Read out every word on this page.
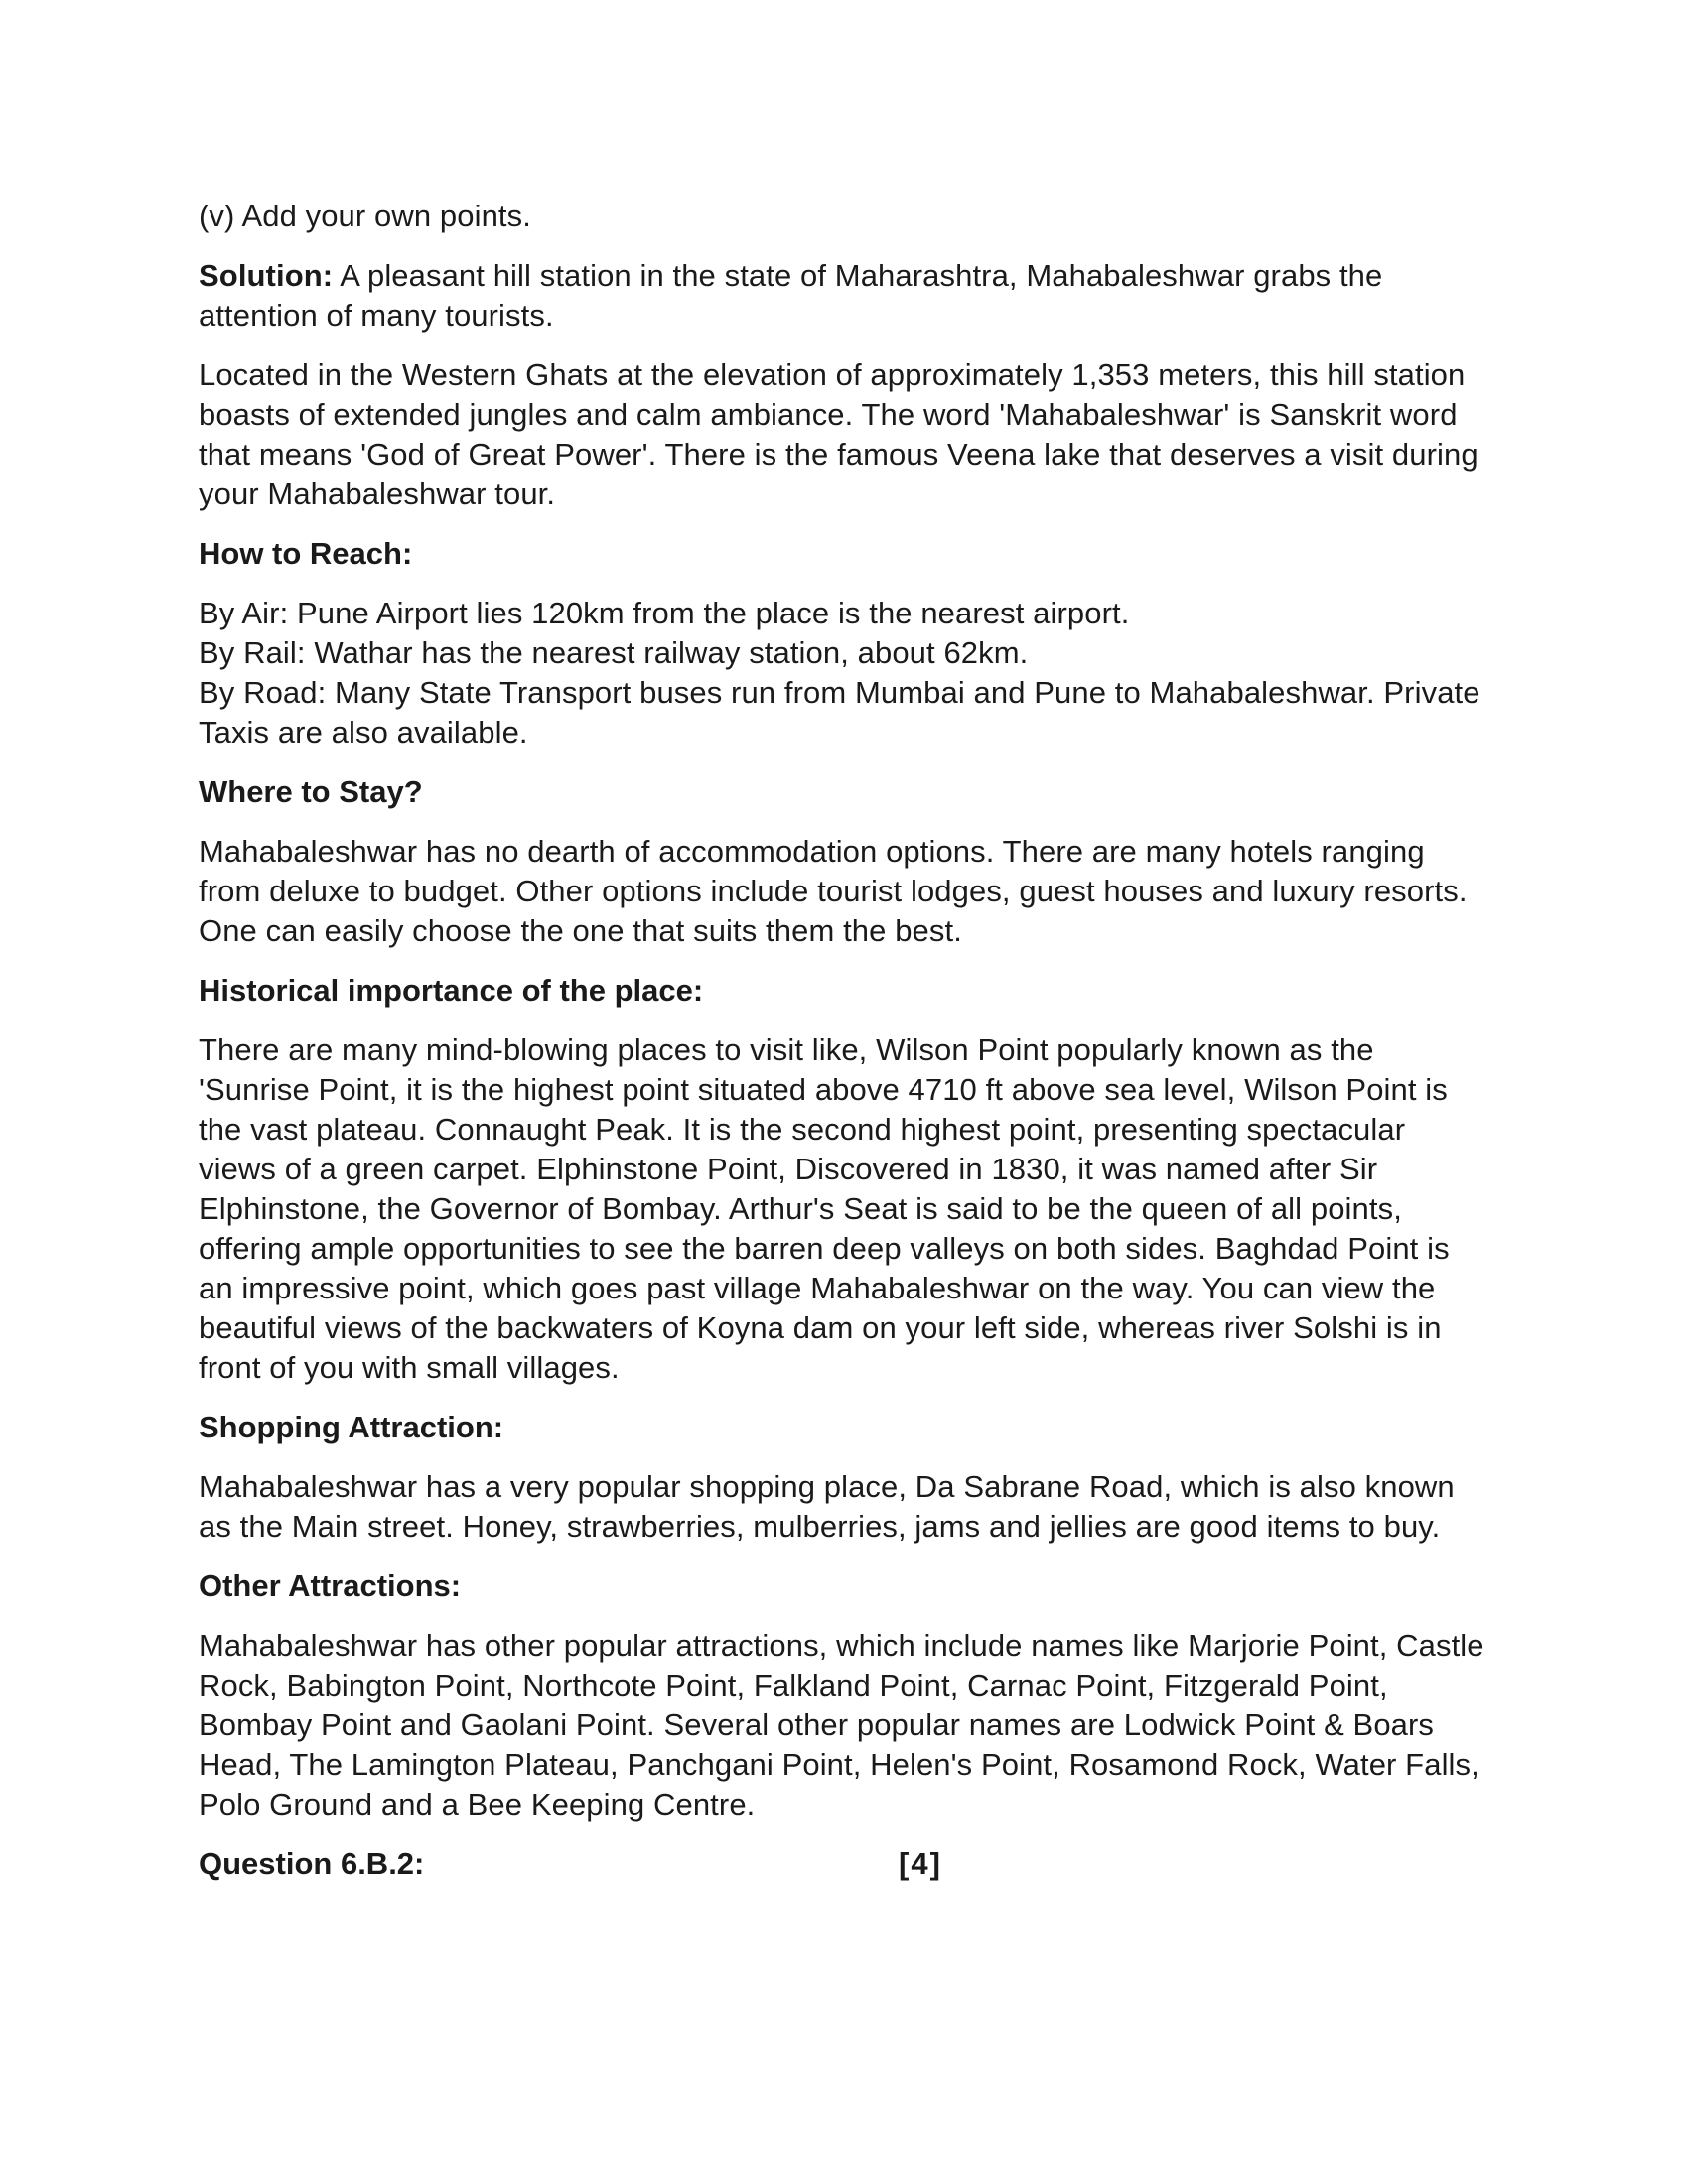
(v) Add your own points.

Solution: A pleasant hill station in the state of Maharashtra, Mahabaleshwar grabs the attention of many tourists.

Located in the Western Ghats at the elevation of approximately 1,353 meters, this hill station boasts of extended jungles and calm ambiance. The word 'Mahabaleshwar' is Sanskrit word that means 'God of Great Power'. There is the famous Veena lake that deserves a visit during your Mahabaleshwar tour.

How to Reach:

By Air: Pune Airport lies 120km from the place is the nearest airport.
By Rail: Wathar has the nearest railway station, about 62km.
By Road: Many State Transport buses run from Mumbai and Pune to Mahabaleshwar. Private Taxis are also available.

Where to Stay?

Mahabaleshwar has no dearth of accommodation options. There are many hotels ranging from deluxe to budget. Other options include tourist lodges, guest houses and luxury resorts. One can easily choose the one that suits them the best.

Historical importance of the place:

There are many mind-blowing places to visit like, Wilson Point popularly known as the 'Sunrise Point, it is the highest point situated above 4710 ft above sea level, Wilson Point is the vast plateau. Connaught Peak. It is the second highest point, presenting spectacular views of a green carpet. Elphinstone Point, Discovered in 1830, it was named after Sir Elphinstone, the Governor of Bombay. Arthur's Seat is said to be the queen of all points, offering ample opportunities to see the barren deep valleys on both sides. Baghdad Point is an impressive point, which goes past village Mahabaleshwar on the way. You can view the beautiful views of the backwaters of Koyna dam on your left side, whereas river Solshi is in front of you with small villages.

Shopping Attraction:

Mahabaleshwar has a very popular shopping place, Da Sabrane Road, which is also known as the Main street. Honey, strawberries, mulberries, jams and jellies are good items to buy.

Other Attractions:

Mahabaleshwar has other popular attractions, which include names like Marjorie Point, Castle Rock, Babington Point, Northcote Point, Falkland Point, Carnac Point, Fitzgerald Point, Bombay Point and Gaolani Point. Several other popular names are Lodwick Point & Boars Head, The Lamington Plateau, Panchgani Point, Helen's Point, Rosamond Rock, Water Falls, Polo Ground and a Bee Keeping Centre.

Question 6.B.2:	[4]
